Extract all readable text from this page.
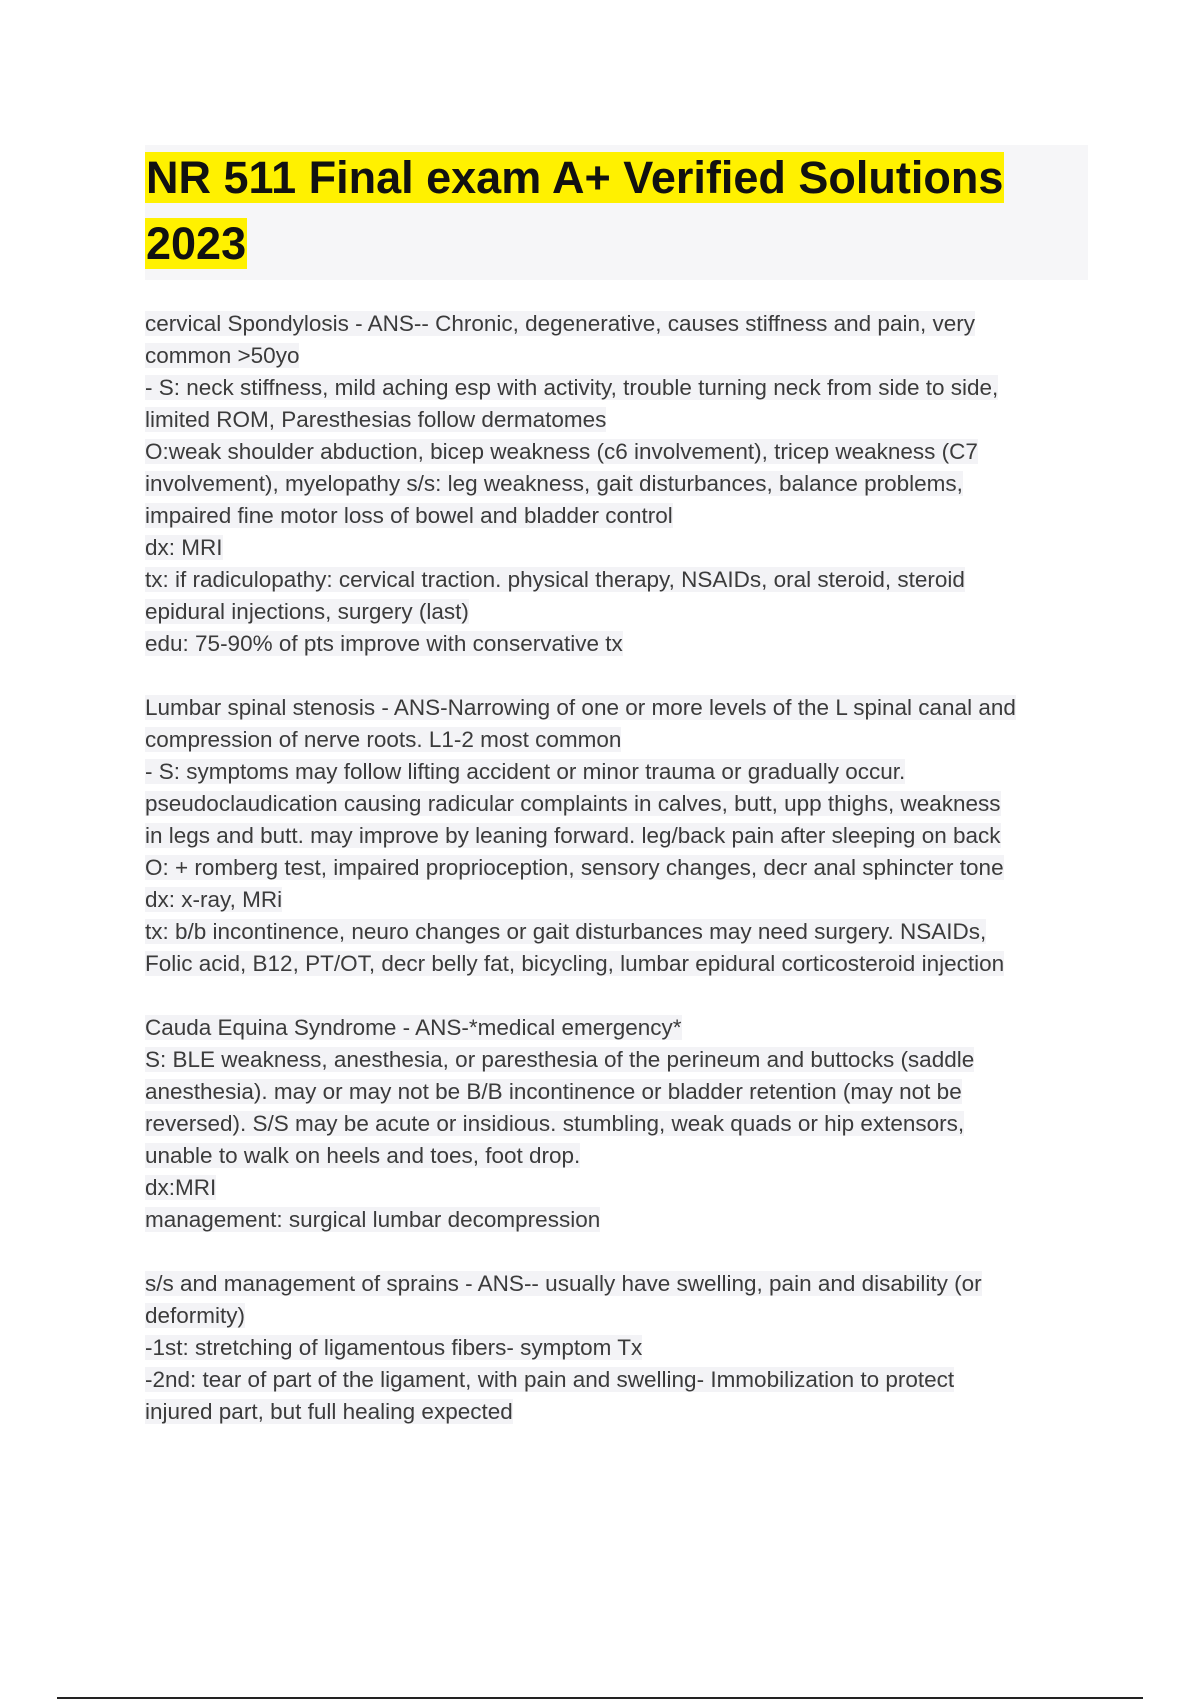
NR 511 Final exam A+ Verified Solutions
2023
cervical Spondylosis - ANS-- Chronic, degenerative, causes stiffness and pain, very
common >50yo
- S: neck stiffness, mild aching esp with activity, trouble turning neck from side to side,
limited ROM, Paresthesias follow dermatomes
O:weak shoulder abduction, bicep weakness (c6 involvement), tricep weakness (C7
involvement), myelopathy s/s: leg weakness, gait disturbances, balance problems,
impaired fine motor loss of bowel and bladder control
dx: MRI
tx: if radiculopathy: cervical traction. physical therapy, NSAIDs, oral steroid, steroid
epidural injections, surgery (last)
edu: 75-90% of pts improve with conservative tx
Lumbar spinal stenosis - ANS-Narrowing of one or more levels of the L spinal canal and
compression of nerve roots. L1-2 most common
- S: symptoms may follow lifting accident or minor trauma or gradually occur.
pseudoclaudication causing radicular complaints in calves, butt, upp thighs, weakness
in legs and butt. may improve by leaning forward. leg/back pain after sleeping on back
O: + romberg test, impaired proprioception, sensory changes, decr anal sphincter tone
dx: x-ray, MRi
tx: b/b incontinence, neuro changes or gait disturbances may need surgery. NSAIDs,
Folic acid, B12, PT/OT, decr belly fat, bicycling, lumbar epidural corticosteroid injection
Cauda Equina Syndrome - ANS-*medical emergency*
S: BLE weakness, anesthesia, or paresthesia of the perineum and buttocks (saddle
anesthesia). may or may not be B/B incontinence or bladder retention (may not be
reversed). S/S may be acute or insidious. stumbling, weak quads or hip extensors,
unable to walk on heels and toes, foot drop.
dx:MRI
management: surgical lumbar decompression
s/s and management of sprains - ANS-- usually have swelling, pain and disability (or
deformity)
-1st: stretching of ligamentous fibers- symptom Tx
-2nd: tear of part of the ligament, with pain and swelling- Immobilization to protect
injured part, but full healing expected
